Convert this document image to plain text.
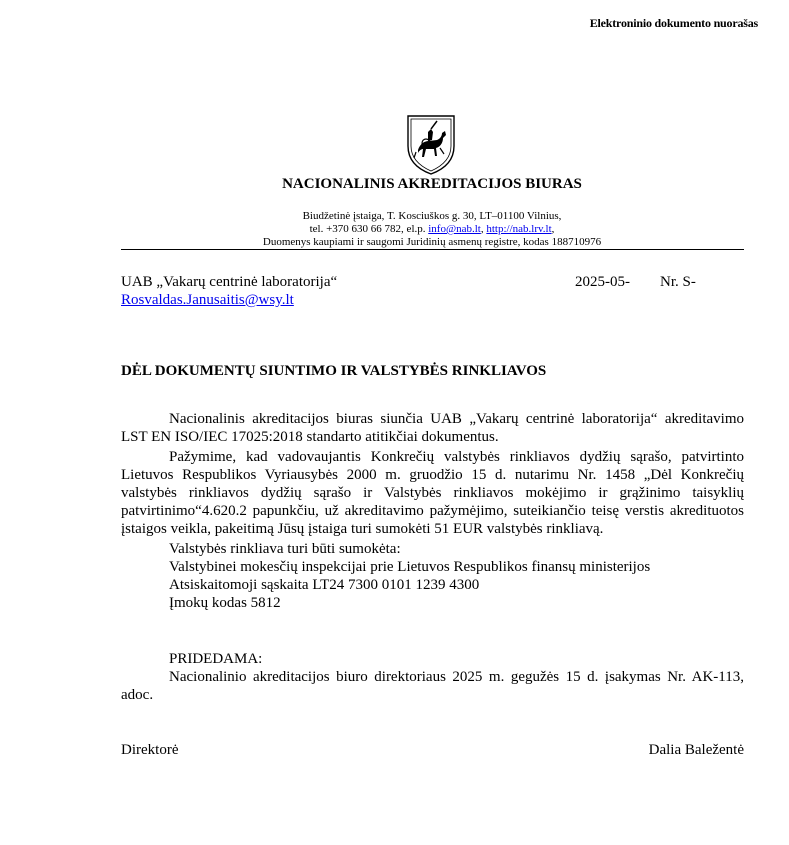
Elektroninio dokumento nuorašas
NACIONALINIS AKREDITACIJOS BIURAS
Biudžetinė įstaiga, T. Kosciuškos g. 30, LT–01100 Vilnius,
tel. +370 630 66 782, el.p. info@nab.lt, http://nab.lrv.lt,
Duomenys kaupiami ir saugomi Juridinių asmenų registre, kodas 188710976
UAB „Vakarų centrinė laboratorija“
Rosvaldas.Janusaitis@wsy.lt
2025-05- Nr. S-
DĖL DOKUMENTŲ SIUNTIMO IR VALSTYBĖS RINKLIAVOS
Nacionalinis akreditacijos biuras siunčia UAB „Vakarų centrinė laboratorija“ akreditavimo LST EN ISO/IEC 17025:2018 standarto atitikčiai dokumentus.
Pažymime, kad vadovaujantis Konkrečių valstybės rinkliavos dydžių sąrašo, patvirtinto Lietuvos Respublikos Vyriausybės 2000 m. gruodžio 15 d. nutarimu Nr. 1458 „Dėl Konkrečių valstybės rinkliavos dydžių sąrašo ir Valstybės rinkliavos mokėjimo ir grąžinimo taisyklių patvirtinimo“4.620.2 papunkčiu, už akreditavimo pažymėjimo, suteikiančio teisę verstis akredituotos įstaigos veikla, pakeitimą Jūsų įstaiga turi sumokėti 51 EUR valstybės rinkliavą.
Valstybės rinkliava turi būti sumokėta:
Valstybinei mokesčių inspekcijai prie Lietuvos Respublikos finansų ministerijos
Atsiskaitomoji sąskaita LT24 7300 0101 1239 4300
Įmokų kodas 5812
PRIDEDAMA:
Nacionalinio akreditacijos biuro direktoriaus 2025 m. gegužės 15 d. įsakymas Nr. AK-113, adoc.
Direktorė	Dalia Baležentė
